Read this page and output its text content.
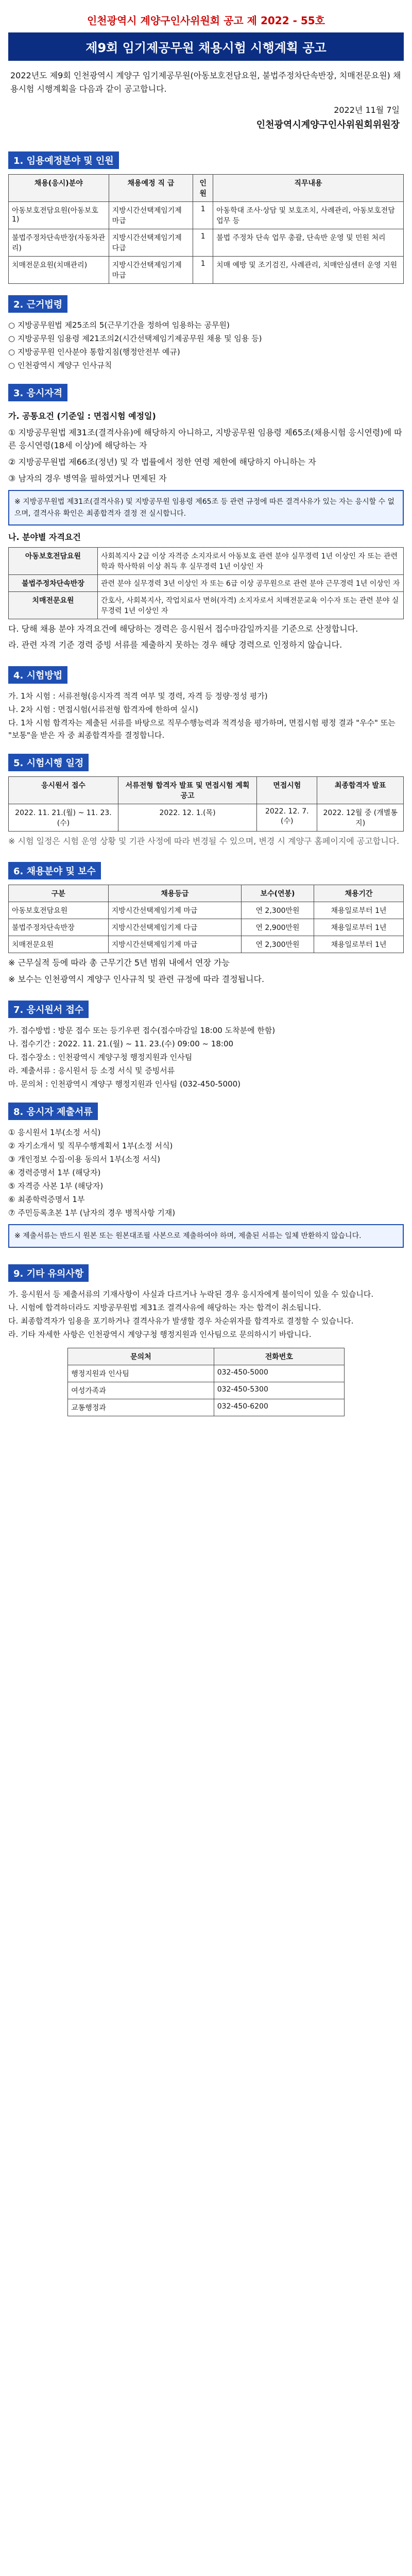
인천광역시 계양구인사위원회 공고 제 2022 - 55호
제9회 임기제공무원 채용시험 시행계획 공고
2022년도 제9회 인천광역시 계양구 임기제공무원(아동보호전담요원, 불법주정차단속반장, 치매전문요원) 채용시험 시행계획을 다음과 같이 공고합니다.
2022년 11월 7일
인천광역시계양구인사위원회위원장
1. 임용예정분야 및 인원
채용(응시)분야	채용예정 직 급	인원	직무내용
아동보호전담요원(아동보호1)	지방시간선택제임기제 마급	1	아동학대 조사·상담 및 보호조치, 사례관리, 아동보호전담 업무 등
불법주정차단속반장(자동차관리)	지방시간선택제임기제 다급	1	불법 주정차 단속 업무 총괄, 단속반 운영 및 민원 처리
치매전문요원(치매관리)	지방시간선택제임기제 마급	1	치매 예방 및 조기검진, 사례관리, 치매안심센터 운영 지원
2. 근거법령
○ 지방공무원법 제25조의 5(근무기간을 정하여 임용하는 공무원)
○ 지방공무원 임용령 제21조의2(시간선택제임기제공무원 채용 및 임용 등)
○ 지방공무원 인사분야 통합지침(행정안전부 예규)
○ 인천광역시 계양구 인사규칙
3. 응시자격

가. 공통요건 (기준일 : 면접시험 예정일)

① 지방공무원법 제31조(결격사유)에 해당하지 아니하고, 지방공무원 임용령 제65조(채용시험 응시연령)에 따른 응시연령(18세 이상)에 해당하는 자

② 지방공무원법 제66조(정년) 및 각 법률에서 정한 연령 제한에 해당하지 아니하는 자

③ 남자의 경우 병역을 필하였거나 면제된 자

※ 지방공무원법 제31조(결격사유) 및 지방공무원 임용령 제65조 등 관련 규정에 따른 결격사유가 있는 자는 응시할 수 없으며, 결격사유 확인은 최종합격자 결정 전 실시합니다.

나. 분야별 자격요건

아동보호전담요원	사회복지사 2급 이상 자격증 소지자로서 아동보호 관련 분야 실무경력 1년 이상인 자 또는 관련 학과 학사학위 이상 취득 후 실무경력 1년 이상인 자
불법주정차단속반장	관련 분야 실무경력 3년 이상인 자 또는 6급 이상 공무원으로 관련 분야 근무경력 1년 이상인 자
치매전문요원	간호사, 사회복지사, 작업치료사 면허(자격) 소지자로서 치매전문교육 이수자 또는 관련 분야 실무경력 1년 이상인 자

다. 당해 채용 분야 자격요건에 해당하는 경력은 응시원서 접수마감일까지를 기준으로 산정합니다.

라. 관련 자격 기준 경력 증빙 서류를 제출하지 못하는 경우 해당 경력으로 인정하지 않습니다.

4. 시험방법
가. 1차 시험 : 서류전형(응시자격 적격 여부 및 경력, 자격 등 정량·정성 평가)
나. 2차 시험 : 면접시험(서류전형 합격자에 한하여 실시)
다. 1차 시험 합격자는 제출된 서류를 바탕으로 직무수행능력과 적격성을 평가하며, 면접시험 평정 결과 "우수" 또는 "보통"을 받은 자 중 최종합격자를 결정합니다.
5. 시험시행 일정
응시원서 접수	서류전형 합격자 발표 및 면접시험 계획 공고	면접시험	최종합격자 발표
2022. 11. 21.(월) ~ 11. 23.(수)	2022. 12. 1.(목)	2022. 12. 7.(수)	2022. 12월 중 (개별통지)

※ 시험 일정은 시험 운영 상황 및 기관 사정에 따라 변경될 수 있으며, 변경 시 계양구 홈페이지에 공고합니다.

6. 채용분야 및 보수
구분	채용등급	보수(연봉)	채용기간
아동보호전담요원	지방시간선택제임기제 마급	연 2,300만원	채용일로부터 1년
불법주정차단속반장	지방시간선택제임기제 다급	연 2,900만원	채용일로부터 1년
치매전문요원	지방시간선택제임기제 마급	연 2,300만원	채용일로부터 1년

※ 근무실적 등에 따라 총 근무기간 5년 범위 내에서 연장 가능

※ 보수는 인천광역시 계양구 인사규칙 및 관련 규정에 따라 결정됩니다.

7. 응시원서 접수
가. 접수방법 : 방문 접수 또는 등기우편 접수(접수마감일 18:00 도착분에 한함)
나. 접수기간 : 2022. 11. 21.(월) ~ 11. 23.(수) 09:00 ~ 18:00
다. 접수장소 : 인천광역시 계양구청 행정지원과 인사팀
라. 제출서류 : 응시원서 등 소정 서식 및 증빙서류
마. 문의처 : 인천광역시 계양구 행정지원과 인사팀 (032-450-5000)
8. 응시자 제출서류
① 응시원서 1부(소정 서식)
② 자기소개서 및 직무수행계획서 1부(소정 서식)
③ 개인정보 수집·이용 동의서 1부(소정 서식)
④ 경력증명서 1부 (해당자)
⑤ 자격증 사본 1부 (해당자)
⑥ 최종학력증명서 1부
⑦ 주민등록초본 1부 (남자의 경우 병적사항 기재)
※ 제출서류는 반드시 원본 또는 원본대조필 사본으로 제출하여야 하며, 제출된 서류는 일체 반환하지 않습니다.
9. 기타 유의사항
가. 응시원서 등 제출서류의 기재사항이 사실과 다르거나 누락된 경우 응시자에게 불이익이 있을 수 있습니다.
나. 시험에 합격하더라도 지방공무원법 제31조 결격사유에 해당하는 자는 합격이 취소됩니다.
다. 최종합격자가 임용을 포기하거나 결격사유가 발생할 경우 차순위자를 합격자로 결정할 수 있습니다.
라. 기타 자세한 사항은 인천광역시 계양구청 행정지원과 인사팀으로 문의하시기 바랍니다.
문의처	전화번호
행정지원과 인사팀	032-450-5000
여성가족과	032-450-5300
교통행정과	032-450-6200
